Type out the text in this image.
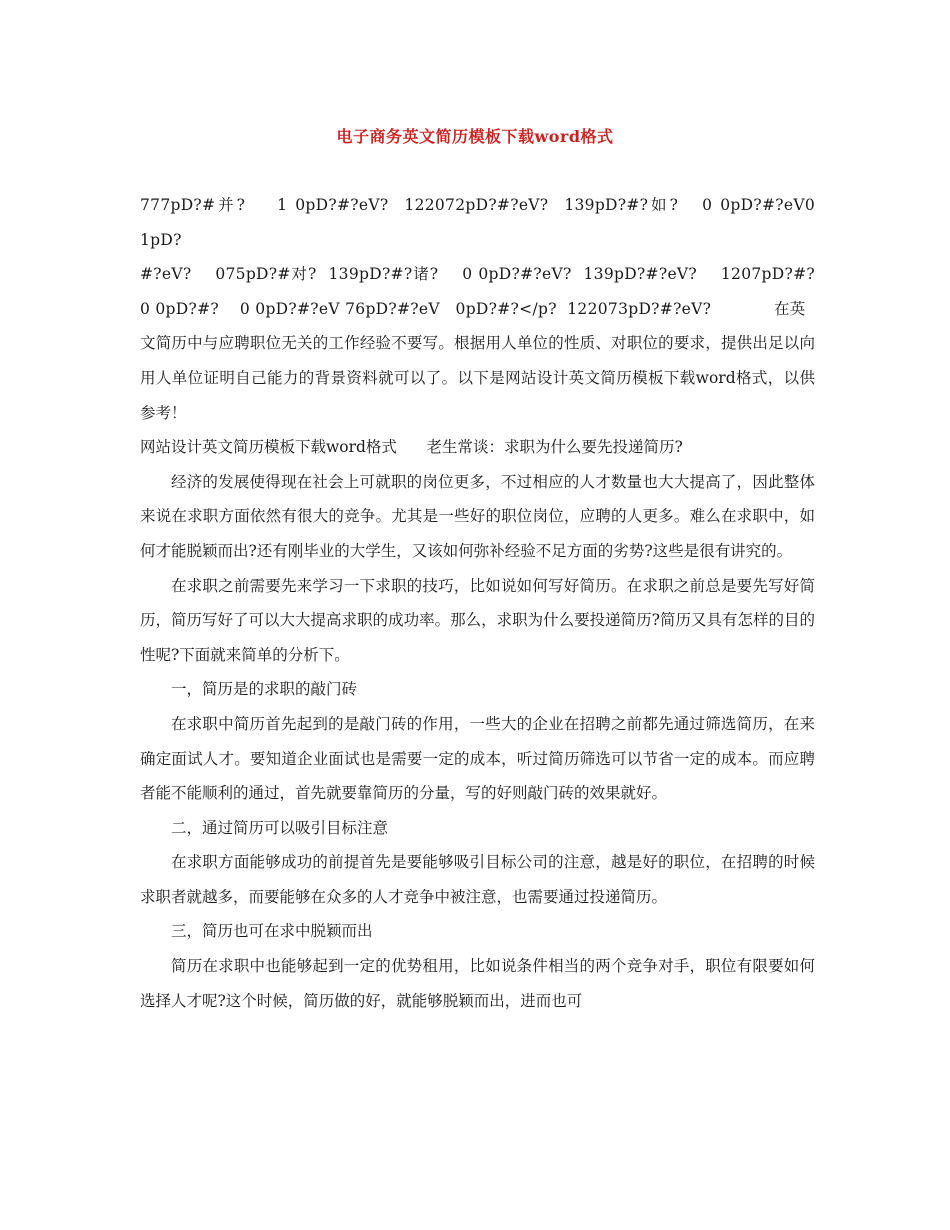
电子商务英文简历模板下载word格式

777pD?#并?    1 0pD?#?eV?  122072pD?#?eV?  139pD?#?如?   0 0pD?#?eV0 1pD?

#?eV?    075pD?#对?  139pD?#?诸?    0 0pD?#?eV?  139pD?#?eV?    1207pD?#?

0 0pD?#?    0 0pD?#?eV 76pD?#?eV   0pD?#?</p?  122073pD?#?eV?            在英

文简历中与应聘职位无关的工作经验不要写。根据用人单位的性质、对职位的要求，提供出足以向用人单位证明自己能力的背景资料就可以了。以下是网站设计英文简历模板下载word格式，以供参考！

网站设计英文简历模板下载word格式      老生常谈：求职为什么要先投递简历?

经济的发展使得现在社会上可就职的岗位更多，不过相应的人才数量也大大提高了，因此整体来说在求职方面依然有很大的竞争。尤其是一些好的职位岗位，应聘的人更多。难么在求职中，如何才能脱颖而出?还有刚毕业的大学生，又该如何弥补经验不足方面的劣势?这些是很有讲究的。

在求职之前需要先来学习一下求职的技巧，比如说如何写好简历。在求职之前总是要先写好简历，简历写好了可以大大提高求职的成功率。那么，求职为什么要投递简历?简历又具有怎样的目的性呢?下面就来简单的分析下。

一，简历是的求职的敲门砖

在求职中简历首先起到的是敲门砖的作用，一些大的企业在招聘之前都先通过筛选简历，在来确定面试人才。要知道企业面试也是需要一定的成本，听过简历筛选可以节省一定的成本。而应聘者能不能顺利的通过，首先就要靠简历的分量，写的好则敲门砖的效果就好。

二，通过简历可以吸引目标注意

在求职方面能够成功的前提首先是要能够吸引目标公司的注意，越是好的职位，在招聘的时候求职者就越多，而要能够在众多的人才竞争中被注意，也需要通过投递简历。

三，简历也可在求中脱颖而出

简历在求职中也能够起到一定的优势租用，比如说条件相当的两个竞争对手，职位有限要如何选择人才呢?这个时候，简历做的好，就能够脱颖而出，进而也可
